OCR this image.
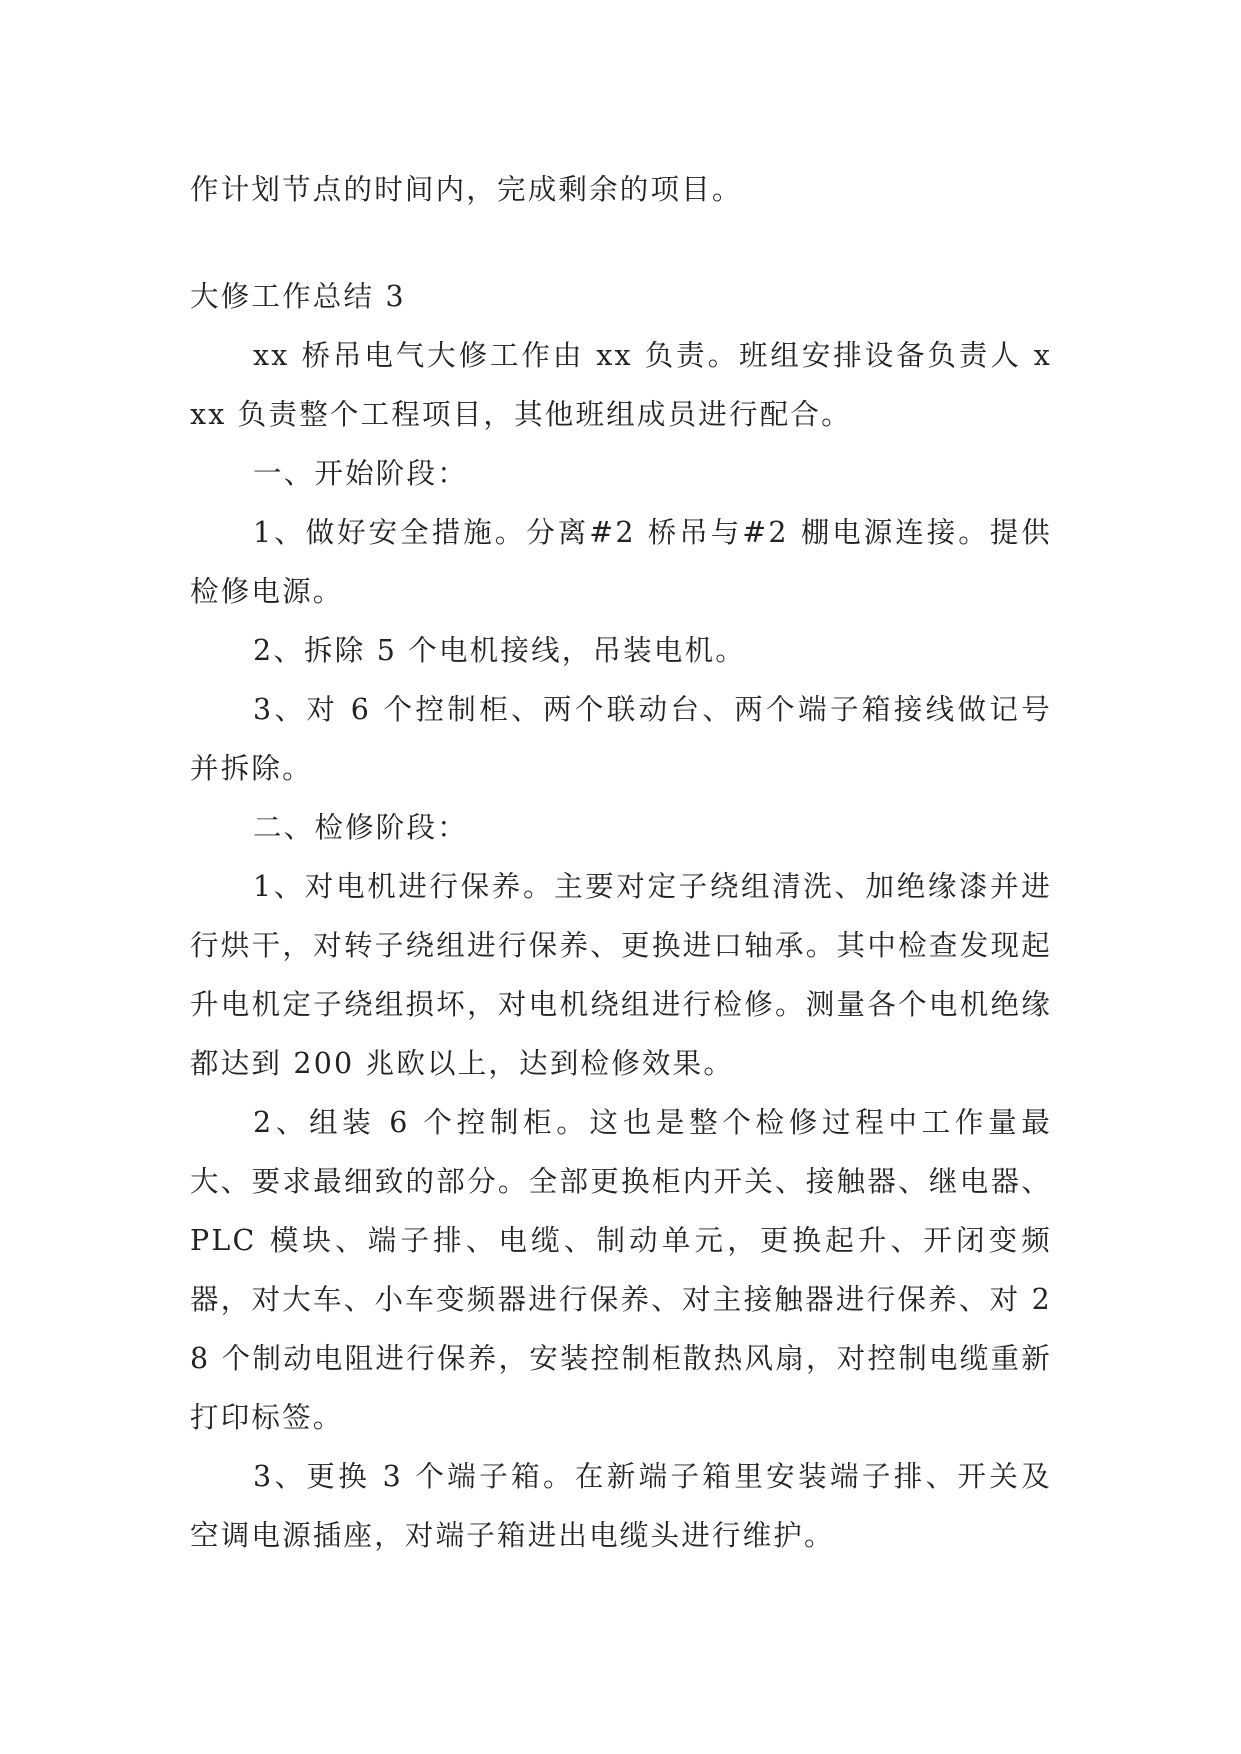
作计划节点的时间内，完成剩余的项目。

大修工作总结 3

xx 桥吊电气大修工作由 xx 负责。班组安排设备负责人 xxx 负责整个工程项目，其他班组成员进行配合。

一、开始阶段：

1、做好安全措施。分离#2 桥吊与#2 棚电源连接。提供检修电源。

2、拆除 5 个电机接线，吊装电机。

3、对 6 个控制柜、两个联动台、两个端子箱接线做记号并拆除。

二、检修阶段：

1、对电机进行保养。主要对定子绕组清洗、加绝缘漆并进行烘干，对转子绕组进行保养、更换进口轴承。其中检查发现起升电机定子绕组损坏，对电机绕组进行检修。测量各个电机绝缘都达到 200 兆欧以上，达到检修效果。

2、组装 6 个控制柜。这也是整个检修过程中工作量最大、要求最细致的部分。全部更换柜内开关、接触器、继电器、PLC 模块、端子排、电缆、制动单元，更换起升、开闭变频器，对大车、小车变频器进行保养、对主接触器进行保养、对 28 个制动电阻进行保养，安装控制柜散热风扇，对控制电缆重新打印标签。

3、更换 3 个端子箱。在新端子箱里安装端子排、开关及空调电源插座，对端子箱进出电缆头进行维护。
